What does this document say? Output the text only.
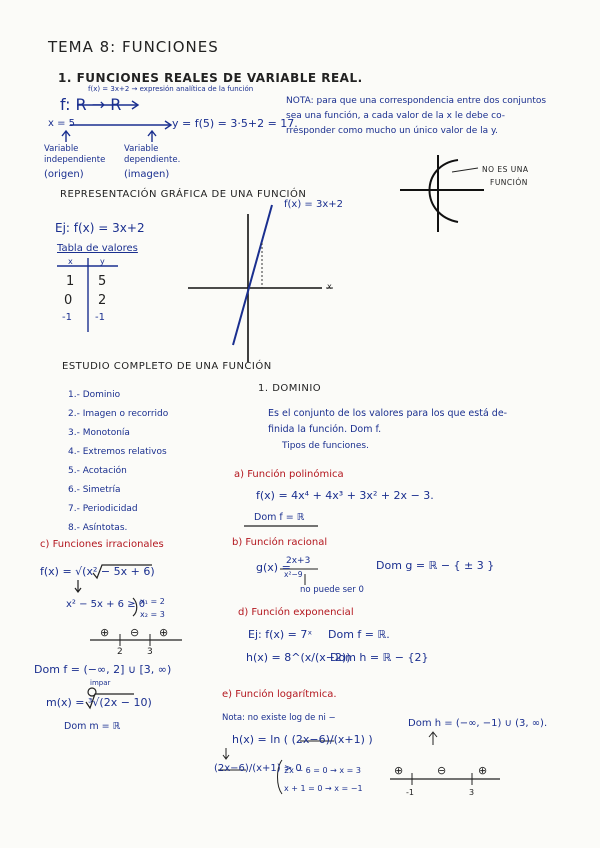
TEMA 8: FUNCIONES
1. FUNCIONES REALES DE VARIABLE REAL.
f(x) = 3x+2 → expresión analítica de la función
f: R → R
x = 5	y = f(5) = 3·5+2 = 17.
Variable
independiente
(origen)
Variable
dependiente.
(imagen)
NOTA: para que una correspondencia entre dos conjuntos
sea una función, a cada valor de la x le debe co-
rresponder como mucho un único valor de la y.
NO ES UNA
FUNCIÓN
REPRESENTACIÓN GRÁFICA DE UNA FUNCIÓN
Ej: f(x) = 3x+2
f(x) = 3x+2
x
Tabla de valores
x	y
1 5
0 2
-1 -1
ESTUDIO COMPLETO DE UNA FUNCIÓN
1.- Dominio
2.- Imagen o recorrido
3.- Monotonía
4.- Extremos relativos
5.- Acotación
6.- Simetría
7.- Periodicidad
8.- Asíntotas.
1. DOMINIO
Es el conjunto de los valores para los que está de-
finida la función. Dom f.
Tipos de funciones.
a) Función polinómica
f(x) = 4x⁴ + 4x³ + 3x² + 2x − 3.
Dom f = ℝ
b) Función racional
g(x) =
2x+3
x²−9
Dom g = ℝ − { ± 3 }
no puede ser 0
d) Función exponencial
Ej: f(x) = 7ˣ Dom f = ℝ.
h(x) = 8^(x/(x−2))
Dom h = ℝ − {2}
c) Funciones irracionales
f(x) = √(x² − 5x + 6)
x² − 5x + 6 ≥ 0
x₁ = 2
x₂ = 3
⊕ ⊖ ⊕
2	3
Dom f = (−∞, 2] ∪ [3, ∞)
impar
m(x) = ³√(2x − 10)
Dom m = ℝ
e) Función logarítmica.
Nota: no existe log de ni −
h(x) = ln ( (2x−6)/(x+1) )
(2x−6)/(x+1) > 0
2x − 6 = 0 → x = 3
x + 1 = 0 → x = −1
Dom h = (−∞, −1) ∪ (3, ∞).
⊕	⊖	⊕
-1	3
